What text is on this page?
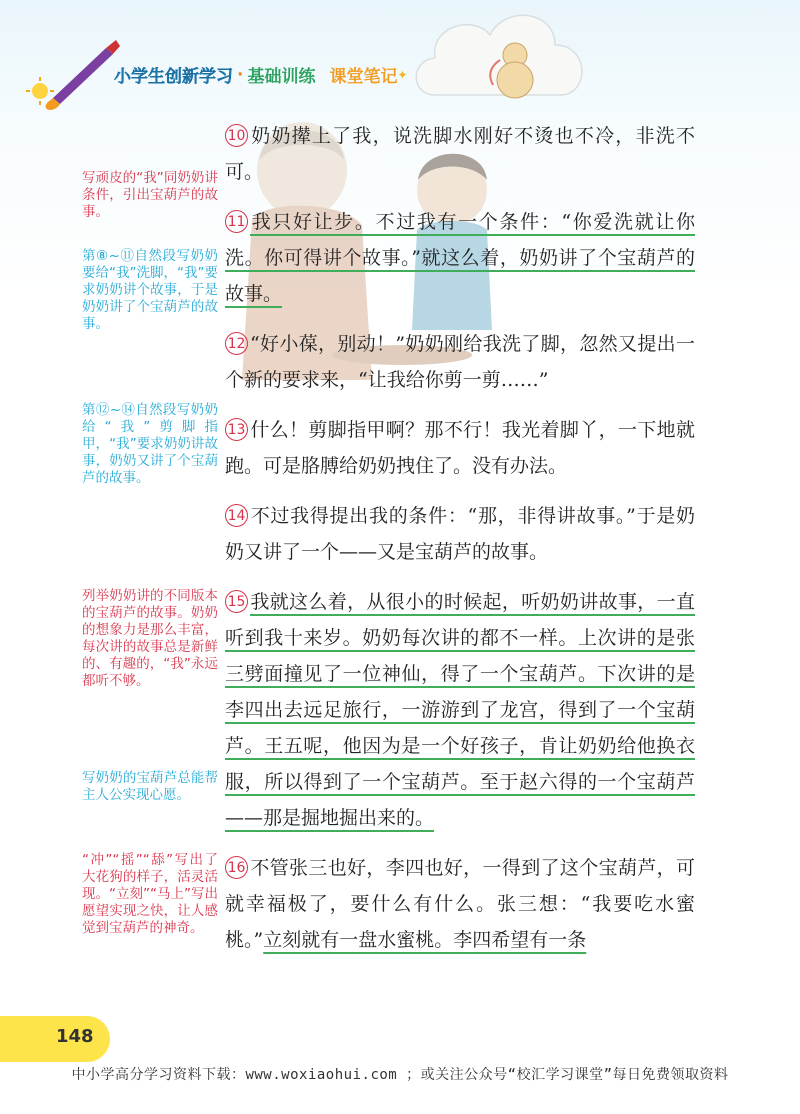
小学生创新学习 · 基础训练 课堂笔记 ✦
写顽皮的“我”同奶奶讲条件，引出宝葫芦的故事。
第⑧~⑪自然段写奶奶要给“我”洗脚，“我”要求奶奶讲个故事，于是奶奶讲了个宝葫芦的故事。
第⑫~⑭自然段写奶奶给“我”剪脚指甲，“我”要求奶奶讲故事，奶奶又讲了个宝葫芦的故事。
列举奶奶讲的不同版本的宝葫芦的故事。奶奶的想象力是那么丰富，每次讲的故事总是新鲜的、有趣的，“我”永远都听不够。
写奶奶的宝葫芦总能帮主人公实现心愿。
“冲”“摇”“舔”写出了大花狗的样子，活灵活现。“立刻”“马上”写出愿望实现之快，让人感觉到宝葫芦的神奇。

10 奶奶撵上了我，说洗脚水刚好不烫也不冷，非洗不可。

11 我只好让步。不过我有一个条件：“你爱洗就让你洗。你可得讲个故事。”就这么着，奶奶讲了个宝葫芦的故事。

12 “好小葆，别动！”奶奶刚给我洗了脚，忽然又提出一个新的要求来，“让我给你剪一剪……”

13 什么！剪脚指甲啊？那不行！我光着脚丫，一下地就跑。可是胳膊给奶奶拽住了。没有办法。

14 不过我得提出我的条件：“那，非得讲故事。”于是奶奶又讲了一个——又是宝葫芦的故事。

15 我就这么着，从很小的时候起，听奶奶讲故事，一直听到我十来岁。奶奶每次讲的都不一样。上次讲的是张三劈面撞见了一位神仙，得了一个宝葫芦。下次讲的是李四出去远足旅行，一游游到了龙宫，得到了一个宝葫芦。王五呢，他因为是一个好孩子，肯让奶奶给他换衣服，所以得到了一个宝葫芦。至于赵六得的一个宝葫芦——那是掘地掘出来的。

16 不管张三也好，李四也好，一得到了这个宝葫芦，可就幸福极了，要什么有什么。张三想：“我要吃水蜜桃。”立刻就有一盘水蜜桃。李四希望有一条

148
中小学高分学习资料下载：www.woxiaohui.com ；或关注公众号“校汇学习课堂”每日免费领取资料
